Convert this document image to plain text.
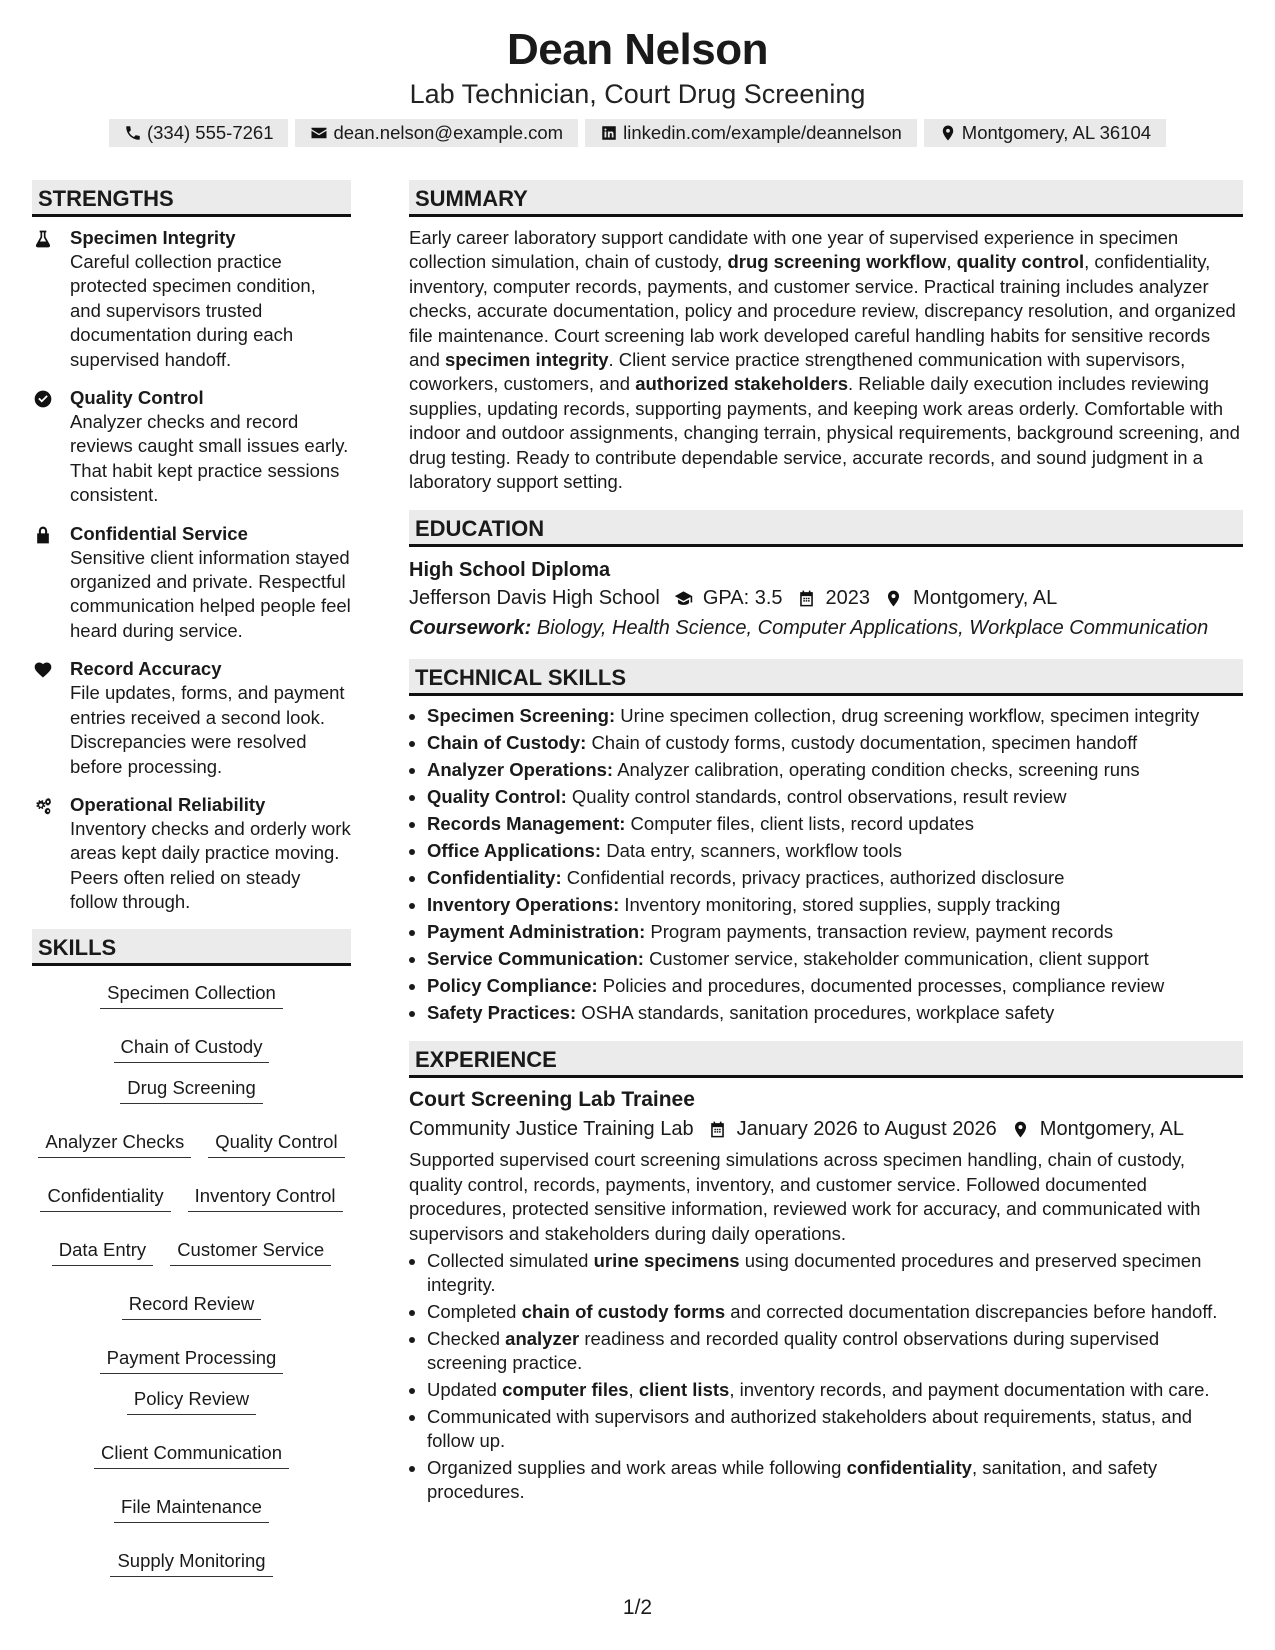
Dean Nelson
Lab Technician, Court Drug Screening
(334) 555-7261	dean.nelson@example.com	linkedin.com/example/deannelson	Montgomery, AL 36104
STRENGTHS
Specimen Integrity
Careful collection practice protected specimen condition, and supervisors trusted documentation during each supervised handoff.
Quality Control
Analyzer checks and record reviews caught small issues early. That habit kept practice sessions consistent.
Confidential Service
Sensitive client information stayed organized and private. Respectful communication helped people feel heard during service.
Record Accuracy
File updates, forms, and payment entries received a second look. Discrepancies were resolved before processing.
Operational Reliability
Inventory checks and orderly work areas kept daily practice moving. Peers often relied on steady follow through.
SKILLS
Specimen Collection
Chain of Custody
Drug Screening
Analyzer Checks	Quality Control
Confidentiality	Inventory Control
Data Entry	Customer Service
Record Review
Payment Processing
Policy Review
Client Communication
File Maintenance
Supply Monitoring
SUMMARY
Early career laboratory support candidate with one year of supervised experience in specimen collection simulation, chain of custody, drug screening workflow, quality control, confidentiality, inventory, computer records, payments, and customer service. Practical training includes analyzer checks, accurate documentation, policy and procedure review, discrepancy resolution, and organized file maintenance. Court screening lab work developed careful handling habits for sensitive records and specimen integrity. Client service practice strengthened communication with supervisors, coworkers, customers, and authorized stakeholders. Reliable daily execution includes reviewing supplies, updating records, supporting payments, and keeping work areas orderly. Comfortable with indoor and outdoor assignments, changing terrain, physical requirements, background screening, and drug testing. Ready to contribute dependable service, accurate records, and sound judgment in a laboratory support setting.
EDUCATION
High School Diploma
Jefferson Davis High School GPA: 3.5 2023 Montgomery, AL
Coursework: Biology, Health Science, Computer Applications, Workplace Communication
TECHNICAL SKILLS
• Specimen Screening: Urine specimen collection, drug screening workflow, specimen integrity
• Chain of Custody: Chain of custody forms, custody documentation, specimen handoff
• Analyzer Operations: Analyzer calibration, operating condition checks, screening runs
• Quality Control: Quality control standards, control observations, result review
• Records Management: Computer files, client lists, record updates
• Office Applications: Data entry, scanners, workflow tools
• Confidentiality: Confidential records, privacy practices, authorized disclosure
• Inventory Operations: Inventory monitoring, stored supplies, supply tracking
• Payment Administration: Program payments, transaction review, payment records
• Service Communication: Customer service, stakeholder communication, client support
• Policy Compliance: Policies and procedures, documented processes, compliance review
• Safety Practices: OSHA standards, sanitation procedures, workplace safety
EXPERIENCE
Court Screening Lab Trainee
Community Justice Training Lab January 2026 to August 2026 Montgomery, AL
Supported supervised court screening simulations across specimen handling, chain of custody, quality control, records, payments, inventory, and customer service. Followed documented procedures, protected sensitive information, reviewed work for accuracy, and communicated with supervisors and stakeholders during daily operations.
• Collected simulated urine specimens using documented procedures and preserved specimen integrity.
• Completed chain of custody forms and corrected documentation discrepancies before handoff.
• Checked analyzer readiness and recorded quality control observations during supervised screening practice.
• Updated computer files, client lists, inventory records, and payment documentation with care.
• Communicated with supervisors and authorized stakeholders about requirements, status, and follow up.
• Organized supplies and work areas while following confidentiality, sanitation, and safety procedures.
1/2
